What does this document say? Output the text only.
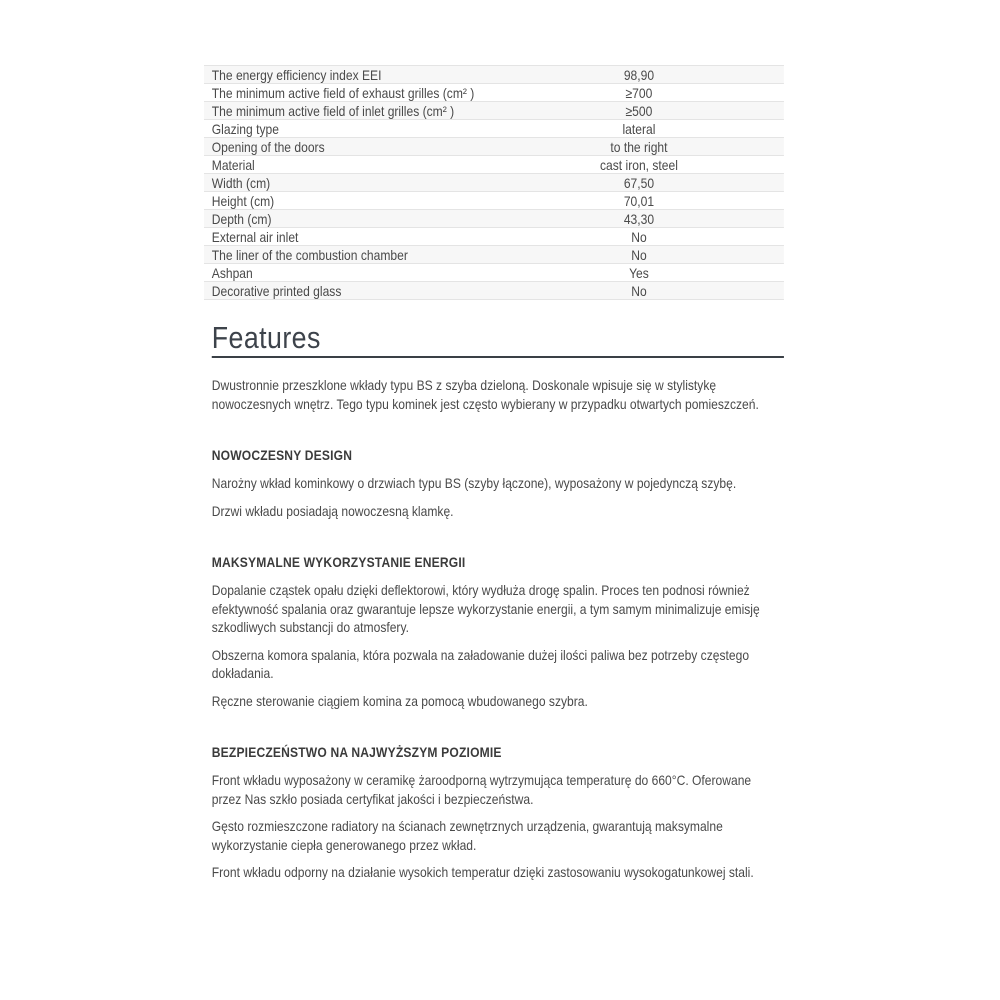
The energy efficiency index EEI	98,90
The minimum active field of exhaust grilles (cm² )	≥700
The minimum active field of inlet grilles (cm² )	≥500
Glazing type	lateral
Opening of the doors	to the right
Material	cast iron, steel
Width (cm)	67,50
Height (cm)	70,01
Depth (cm)	43,30
External air inlet	No
The liner of the combustion chamber	No
Ashpan	Yes
Decorative printed glass	No
Features

Dwustronnie przeszklone wkłady typu BS z szyba dzieloną. Doskonale wpisuje się w stylistykę nowoczesnych wnętrz. Tego typu kominek jest często wybierany w przypadku otwartych pomieszczeń.

NOWOCZESNY DESIGN

Narożny wkład kominkowy o drzwiach typu BS (szyby łączone), wyposażony w pojedynczą szybę.

Drzwi wkładu posiadają nowoczesną klamkę.

MAKSYMALNE WYKORZYSTANIE ENERGII

Dopalanie cząstek opału dzięki deflektorowi, który wydłuża drogę spalin. Proces ten podnosi również efektywność spalania oraz gwarantuje lepsze wykorzystanie energii, a tym samym minimalizuje emisję szkodliwych substancji do atmosfery.

Obszerna komora spalania, która pozwala na załadowanie dużej ilości paliwa bez potrzeby częstego dokładania.

Ręczne sterowanie ciągiem komina za pomocą wbudowanego szybra.

BEZPIECZEŃSTWO NA NAJWYŻSZYM POZIOMIE

Front wkładu wyposażony w ceramikę żaroodporną wytrzymująca temperaturę do 660°C. Oferowane przez Nas szkło posiada certyfikat jakości i bezpieczeństwa.

Gęsto rozmieszczone radiatory na ścianach zewnętrznych urządzenia, gwarantują maksymalne wykorzystanie ciepła generowanego przez wkład.

Front wkładu odporny na działanie wysokich temperatur dzięki zastosowaniu wysokogatunkowej stali.
